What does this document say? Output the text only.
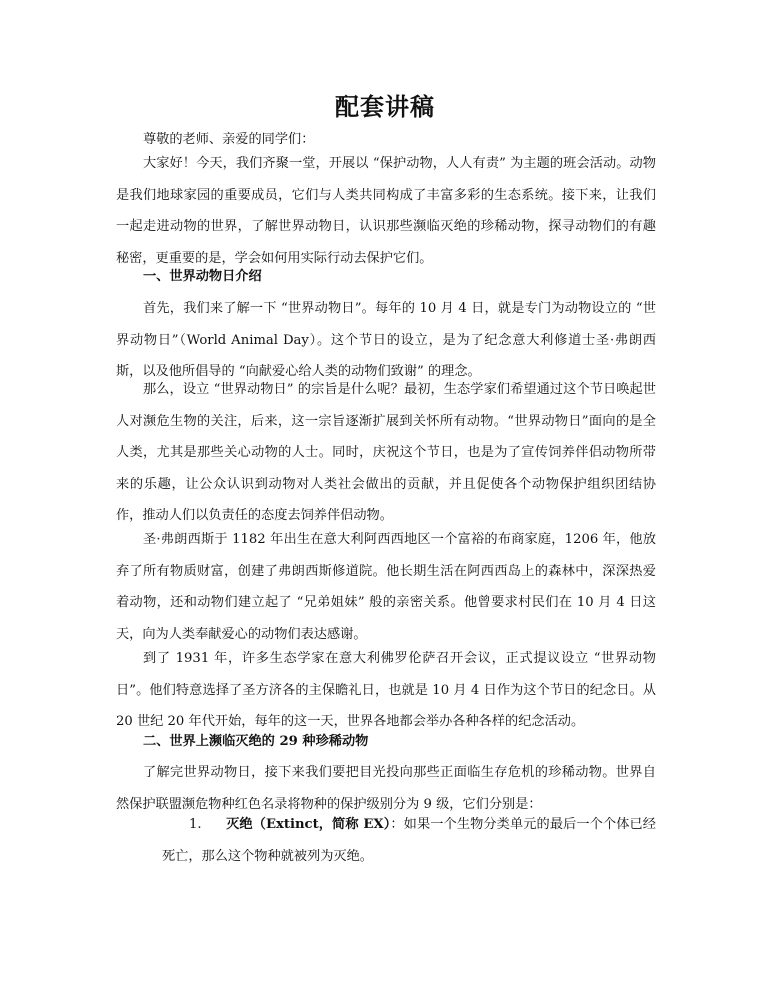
配套讲稿
尊敬的老师、亲爱的同学们：
大家好！今天，我们齐聚一堂，开展以 “保护动物，人人有责” 为主题的班会活动。动物是我们地球家园的重要成员，它们与人类共同构成了丰富多彩的生态系统。接下来，让我们一起走进动物的世界，了解世界动物日，认识那些濒临灭绝的珍稀动物，探寻动物们的有趣秘密，更重要的是，学会如何用实际行动去保护它们。
一、世界动物日介绍
首先，我们来了解一下 “世界动物日”。每年的 10 月 4 日，就是专门为动物设立的 “世界动物日”（World Animal Day）。这个节日的设立，是为了纪念意大利修道士圣·弗朗西斯，以及他所倡导的 “向献爱心给人类的动物们致谢” 的理念。
那么，设立 “世界动物日” 的宗旨是什么呢？最初，生态学家们希望通过这个节日唤起世人对濒危生物的关注，后来，这一宗旨逐渐扩展到关怀所有动物。“世界动物日”面向的是全人类，尤其是那些关心动物的人士。同时，庆祝这个节日，也是为了宣传饲养伴侣动物所带来的乐趣，让公众认识到动物对人类社会做出的贡献，并且促使各个动物保护组织团结协作，推动人们以负责任的态度去饲养伴侣动物。
圣·弗朗西斯于 1182 年出生在意大利阿西西地区一个富裕的布商家庭，1206 年，他放弃了所有物质财富，创建了弗朗西斯修道院。他长期生活在阿西西岛上的森林中，深深热爱着动物，还和动物们建立起了 “兄弟姐妹” 般的亲密关系。他曾要求村民们在 10 月 4 日这天，向为人类奉献爱心的动物们表达感谢。
到了 1931 年，许多生态学家在意大利佛罗伦萨召开会议，正式提议设立 “世界动物日”。他们特意选择了圣方济各的主保瞻礼日，也就是 10 月 4 日作为这个节日的纪念日。从 20 世纪 20 年代开始，每年的这一天，世界各地都会举办各种各样的纪念活动。
二、世界上濒临灭绝的 29 种珍稀动物
了解完世界动物日，接下来我们要把目光投向那些正面临生存危机的珍稀动物。世界自然保护联盟濒危物种红色名录将物种的保护级别分为 9 级，它们分别是：
1. 灭绝（Extinct，简称 EX）：如果一个生物分类单元的最后一个个体已经死亡，那么这个物种就被列为灭绝。
